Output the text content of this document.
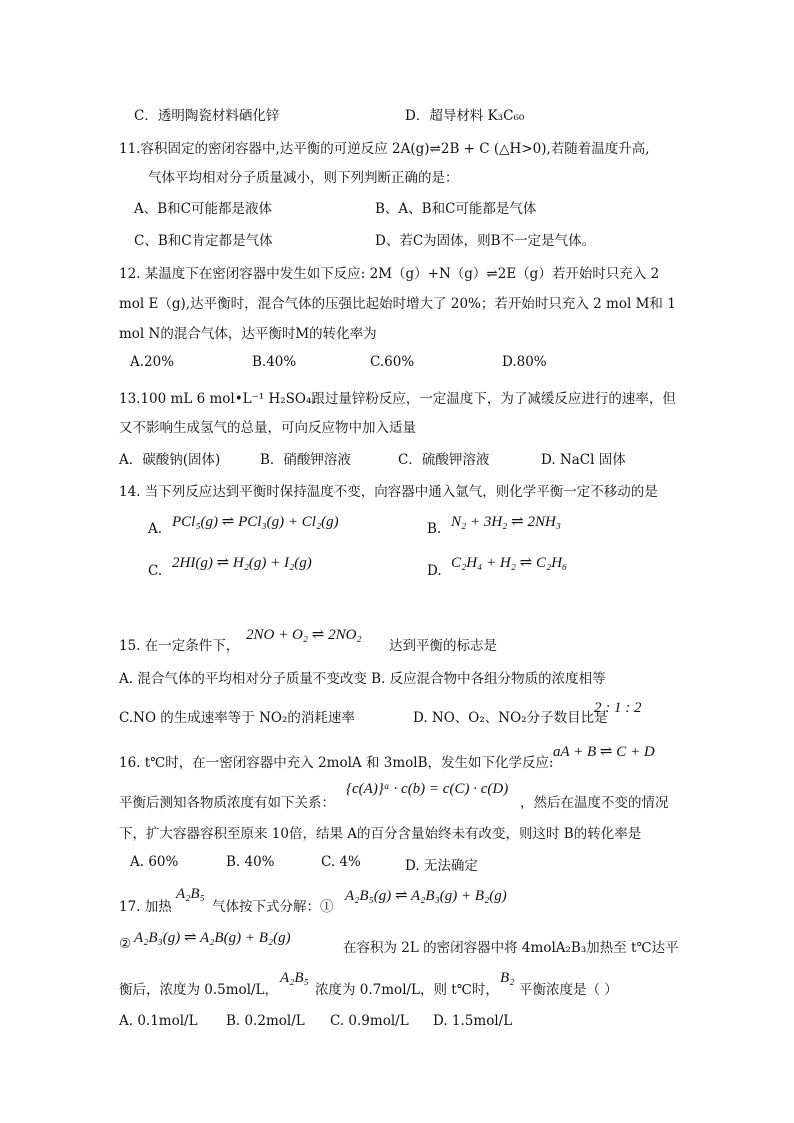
C．透明陶瓷材料硒化锌	D．超导材料 K₃C₆₀
11.容积固定的密闭容器中,达平衡的可逆反应 2A(g)⇌2B + C (△H>0),若随着温度升高,
气体平均相对分子质量减小，则下列判断正确的是：
A、B和C可能都是液体	B、A、B和C可能都是气体
C、B和C肯定都是气体	D、若C为固体，则B不一定是气体。
12. 某温度下在密闭容器中发生如下反应: 2M（g）+N（g）⇌2E（g）若开始时只充入 2
mol E（g),达平衡时，混合气体的压强比起始时增大了 20%；若开始时只充入 2 mol M和 1
mol N的混合气体，达平衡时M的转化率为
A.20%	B.40%	C.60%	D.80%
13.100 mL 6 mol•L⁻¹ H₂SO₄跟过量锌粉反应，一定温度下，为了减缓反应进行的速率，但
又不影响生成氢气的总量，可向反应物中加入适量
A．碳酸钠(固体)	B．硝酸钾溶液	C．硫酸钾溶液	D. NaCl 固体
14. 当下列反应达到平衡时保持温度不变，向容器中通入氩气，则化学平衡一定不移动的是
A. PCl₅(g) ⇌ PCl₃(g) + Cl₂(g)	B. N₂ + 3H₂ ⇌ 2NH₃
C. 2HI(g) ⇌ H₂(g) + I₂(g)	D. C₂H₄ + H₂ ⇌ C₂H₆
15. 在一定条件下，
2NO + O₂ ⇌ 2NO₂
达到平衡的标志是
A. 混合气体的平均相对分子质量不变改变 B. 反应混合物中各组分物质的浓度相等
C.NO 的生成速率等于 NO₂的消耗速率	D. NO、O₂、NO₂分子数目比是
2 : 1 : 2
16. t℃时，在一密闭容器中充入 2molA 和 3molB，发生如下化学反应:
aA + B ⇌ C + D
平衡后测知各物质浓度有如下关系：
{c(A)}ᵃ · c(b) = c(C) · c(D)
，然后在温度不变的情况
下，扩大容器容积至原来 10倍，结果 A的百分含量始终未有改变，则这时 B的转化率是
A. 60%	B. 40%	C. 4%	D. 无法确定
17. 加热
A₂B₅
气体按下式分解：①
A₂B₅(g) ⇌ A₂B₃(g) + B₂(g)
② A₂B₃(g) ⇌ A₂B(g) + B₂(g)
在容积为 2L 的密闭容器中将 4molA₂B₃加热至 t℃达平
衡后，浓度为 0.5mol/L，
A₂B₅
浓度为 0.7mol/L，则 t℃时，
B₂
平衡浓度是（ ）
A. 0.1mol/L B. 0.2mol/L C. 0.9mol/L D. 1.5mol/L
